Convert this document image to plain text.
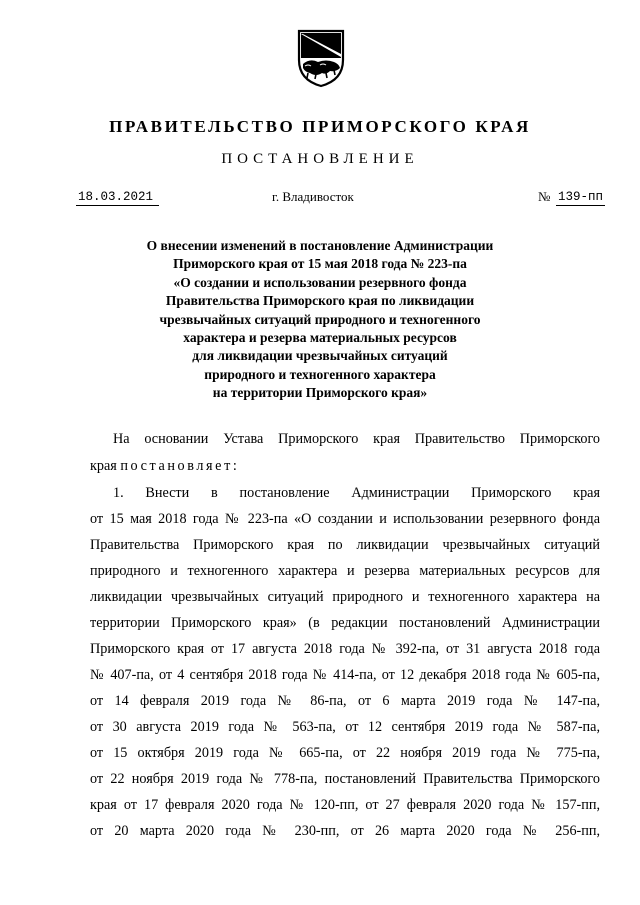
ПРАВИТЕЛЬСТВО ПРИМОРСКОГО КРАЯ
ПОСТАНОВЛЕНИЕ
18.03.2021	г. Владивосток	№ 139-пп
О внесении изменений в постановление Администрации
Приморского края от 15 мая 2018 года № 223-па
«О создании и использовании резервного фонда
Правительства Приморского края по ликвидации
чрезвычайных ситуаций природного и техногенного
характера и резерва материальных ресурсов
для ликвидации чрезвычайных ситуаций
природного и техногенного характера
на территории Приморского края»
На основании Устава Приморского края Правительство Приморского
края постановляет:
1. Внести в постановление Администрации Приморского края
от 15 мая 2018 года № 223-па «О создании и использовании резервного фонда
Правительства Приморского края по ликвидации чрезвычайных ситуаций
природного и техногенного характера и резерва материальных ресурсов для
ликвидации чрезвычайных ситуаций природного и техногенного характера на
территории Приморского края» (в редакции постановлений Администрации
Приморского края от 17 августа 2018 года № 392-па, от 31 августа 2018 года
№ 407-па, от 4 сентября 2018 года № 414-па, от 12 декабря 2018 года № 605-па,
от 14 февраля 2019 года № 86-па, от 6 марта 2019 года № 147-па,
от 30 августа 2019 года № 563-па, от 12 сентября 2019 года № 587-па,
от 15 октября 2019 года № 665-па, от 22 ноября 2019 года № 775-па,
от 22 ноября 2019 года № 778-па, постановлений Правительства Приморского
края от 17 февраля 2020 года № 120-пп, от 27 февраля 2020 года № 157-пп,
от 20 марта 2020 года № 230-пп, от 26 марта 2020 года № 256-пп,
